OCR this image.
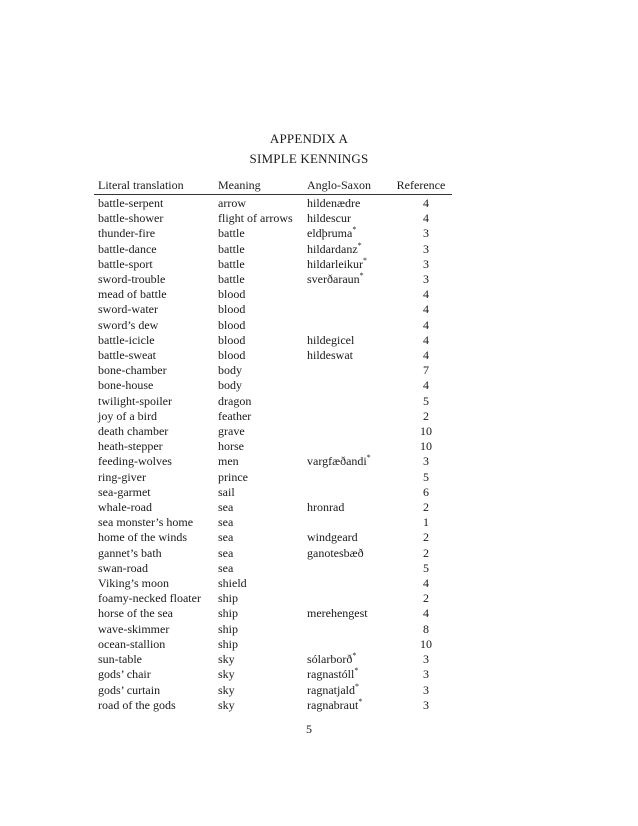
APPENDIX A
SIMPLE KENNINGS
Literal translation	Meaning	Anglo-Saxon	Reference
battle-serpent	arrow	hildenædre	4
battle-shower	flight of arrows	hildescur	4
thunder-fire	battle	eldþruma*	3
battle-dance	battle	hildardanz*	3
battle-sport	battle	hildarleikur*	3
sword-trouble	battle	sverðaraun*	3
mead of battle	blood		4
sword-water	blood		4
sword’s dew	blood		4
battle-icicle	blood	hildegicel	4
battle-sweat	blood	hildeswat	4
bone-chamber	body		7
bone-house	body		4
twilight-spoiler	dragon		5
joy of a bird	feather		2
death chamber	grave		10
heath-stepper	horse		10
feeding-wolves	men	vargfæðandi*	3
ring-giver	prince		5
sea-garmet	sail		6
whale-road	sea	hronrad	2
sea monster’s home	sea		1
home of the winds	sea	windgeard	2
gannet’s bath	sea	ganotesbæð	2
swan-road	sea		5
Viking’s moon	shield		4
foamy-necked floater	ship		2
horse of the sea	ship	merehengest	4
wave-skimmer	ship		8
ocean-stallion	ship		10
sun-table	sky	sólarborð*	3
gods’ chair	sky	ragnastóll*	3
gods’ curtain	sky	ragnatjald*	3
road of the gods	sky	ragnabraut*	3
5
